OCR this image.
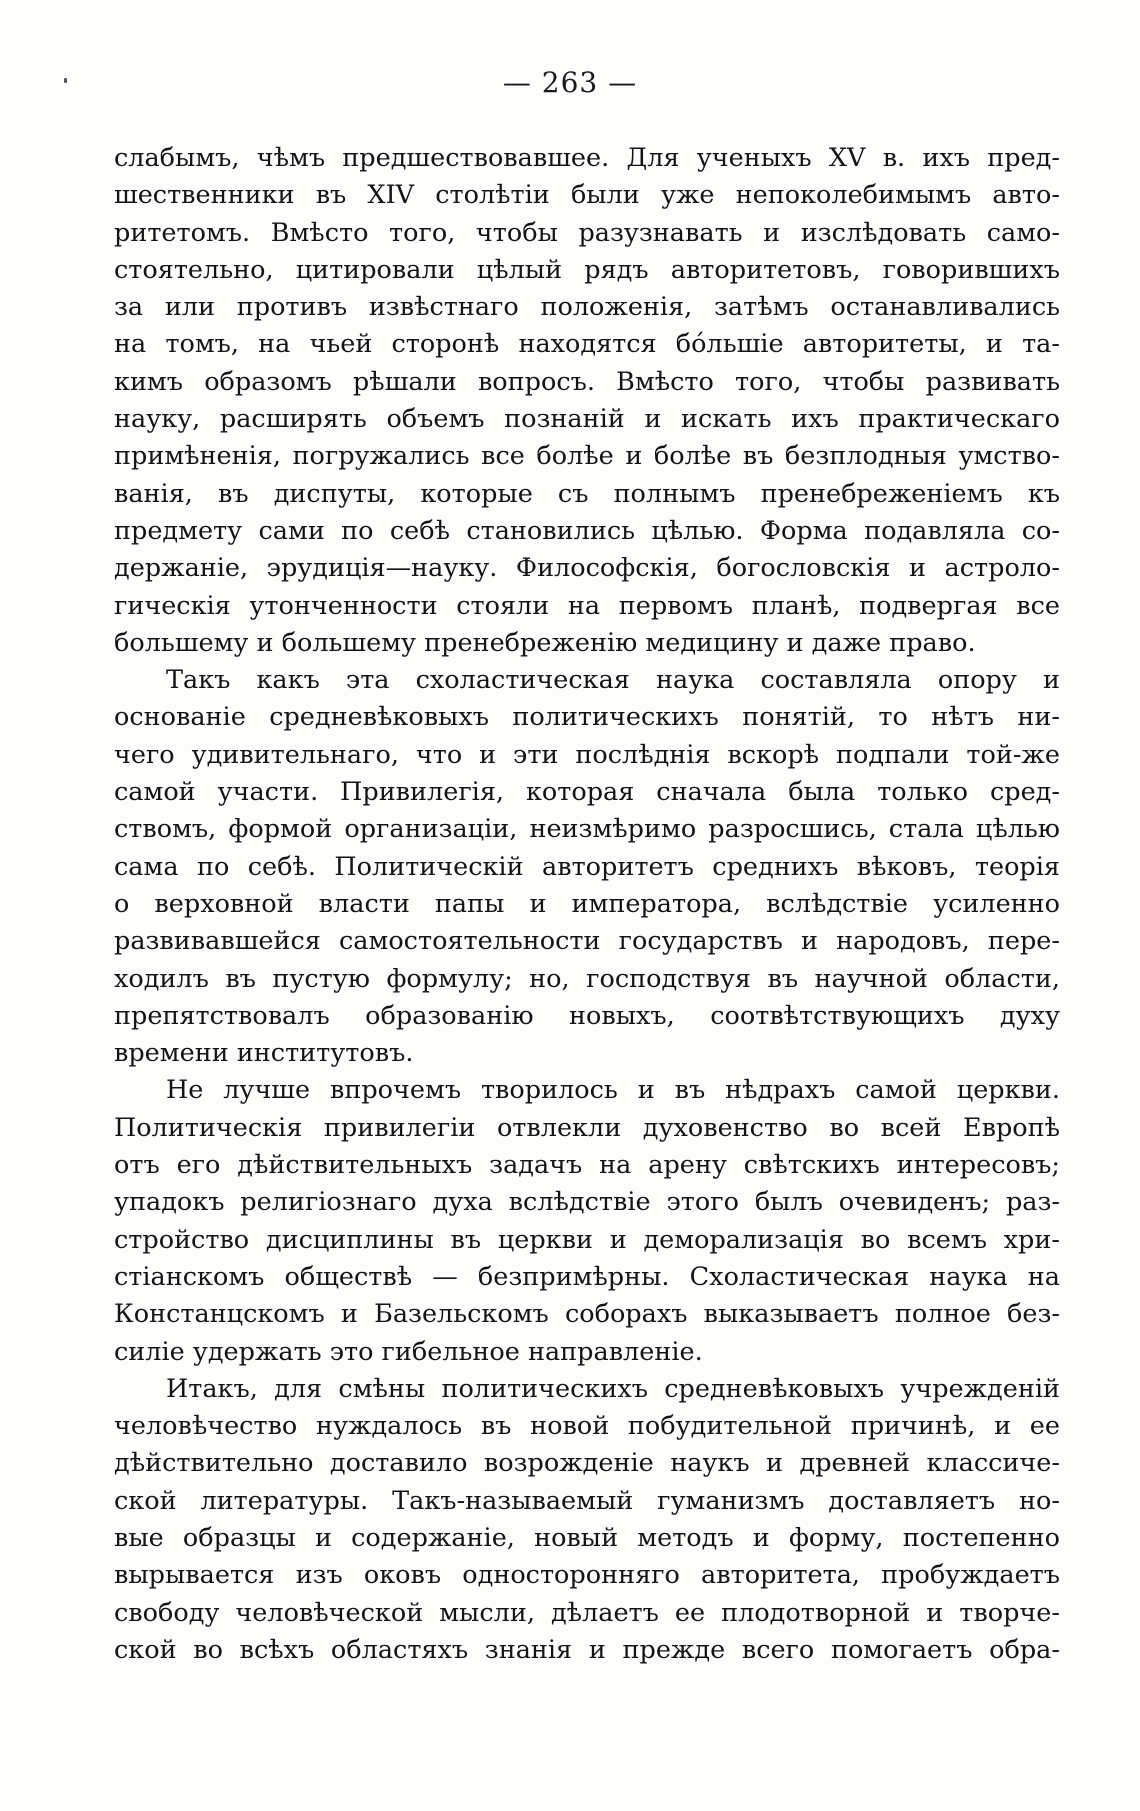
— 263 —
слабымъ, чѣмъ предшествовавшее. Для ученыхъ XV в. ихъ пред-
шественники въ XIV столѣтіи были уже непоколебимымъ авто-
ритетомъ. Вмѣсто того, чтобы разузнавать и изслѣдовать само-
стоятельно, цитировали цѣлый рядъ авторитетовъ, говорившихъ
за или противъ извѣстнаго положенія, затѣмъ останавливались
на томъ, на чьей сторонѣ находятся бóльшіе авторитеты, и та-
кимъ образомъ рѣшали вопросъ. Вмѣсто того, чтобы развивать
науку, расширять объемъ познаній и искать ихъ практическаго
примѣненія, погружались все болѣе и болѣе въ безплодныя умство-
ванія, въ диспуты, которые съ полнымъ пренебреженіемъ къ
предмету сами по себѣ становились цѣлью. Форма подавляла со-
держаніе, эрудиція—науку. Философскія, богословскія и астроло-
гическія утонченности стояли на первомъ планѣ, подвергая все
большему и большему пренебреженію медицину и даже право.
Такъ какъ эта схоластическая наука составляла опору и
основаніе средневѣковыхъ политическихъ понятій, то нѣтъ ни-
чего удивительнаго, что и эти послѣднія вскорѣ подпали той-же
самой участи. Привилегія, которая сначала была только сред-
ствомъ, формой организаціи, неизмѣримо разросшись, стала цѣлью
сама по себѣ. Политическій авторитетъ среднихъ вѣковъ, теорія
о верховной власти папы и императора, вслѣдствіе усиленно
развивавшейся самостоятельности государствъ и народовъ, пере-
ходилъ въ пустую формулу; но, господствуя въ научной области,
препятствовалъ образованію новыхъ, соотвѣтствующихъ духу
времени институтовъ.
Не лучше впрочемъ творилось и въ нѣдрахъ самой церкви.
Политическія привилегіи отвлекли духовенство во всей Европѣ
отъ его дѣйствительныхъ задачъ на арену свѣтскихъ интересовъ;
упадокъ религіознаго духа вслѣдствіе этого былъ очевиденъ; раз-
стройство дисциплины въ церкви и деморализація во всемъ хри-
стіанскомъ обществѣ — безпримѣрны. Схоластическая наука на
Констанцскомъ и Базельскомъ соборахъ выказываетъ полное без-
силіе удержать это гибельное направленіе.
Итакъ, для смѣны политическихъ средневѣковыхъ учрежденій
человѣчество нуждалось въ новой побудительной причинѣ, и ее
дѣйствительно доставило возрожденіе наукъ и древней классиче-
ской литературы. Такъ-называемый гуманизмъ доставляетъ но-
вые образцы и содержаніе, новый методъ и форму, постепенно
вырывается изъ оковъ односторонняго авторитета, пробуждаетъ
свободу человѣческой мысли, дѣлаетъ ее плодотворной и творче-
ской во всѣхъ областяхъ знанія и прежде всего помогаетъ обра-
